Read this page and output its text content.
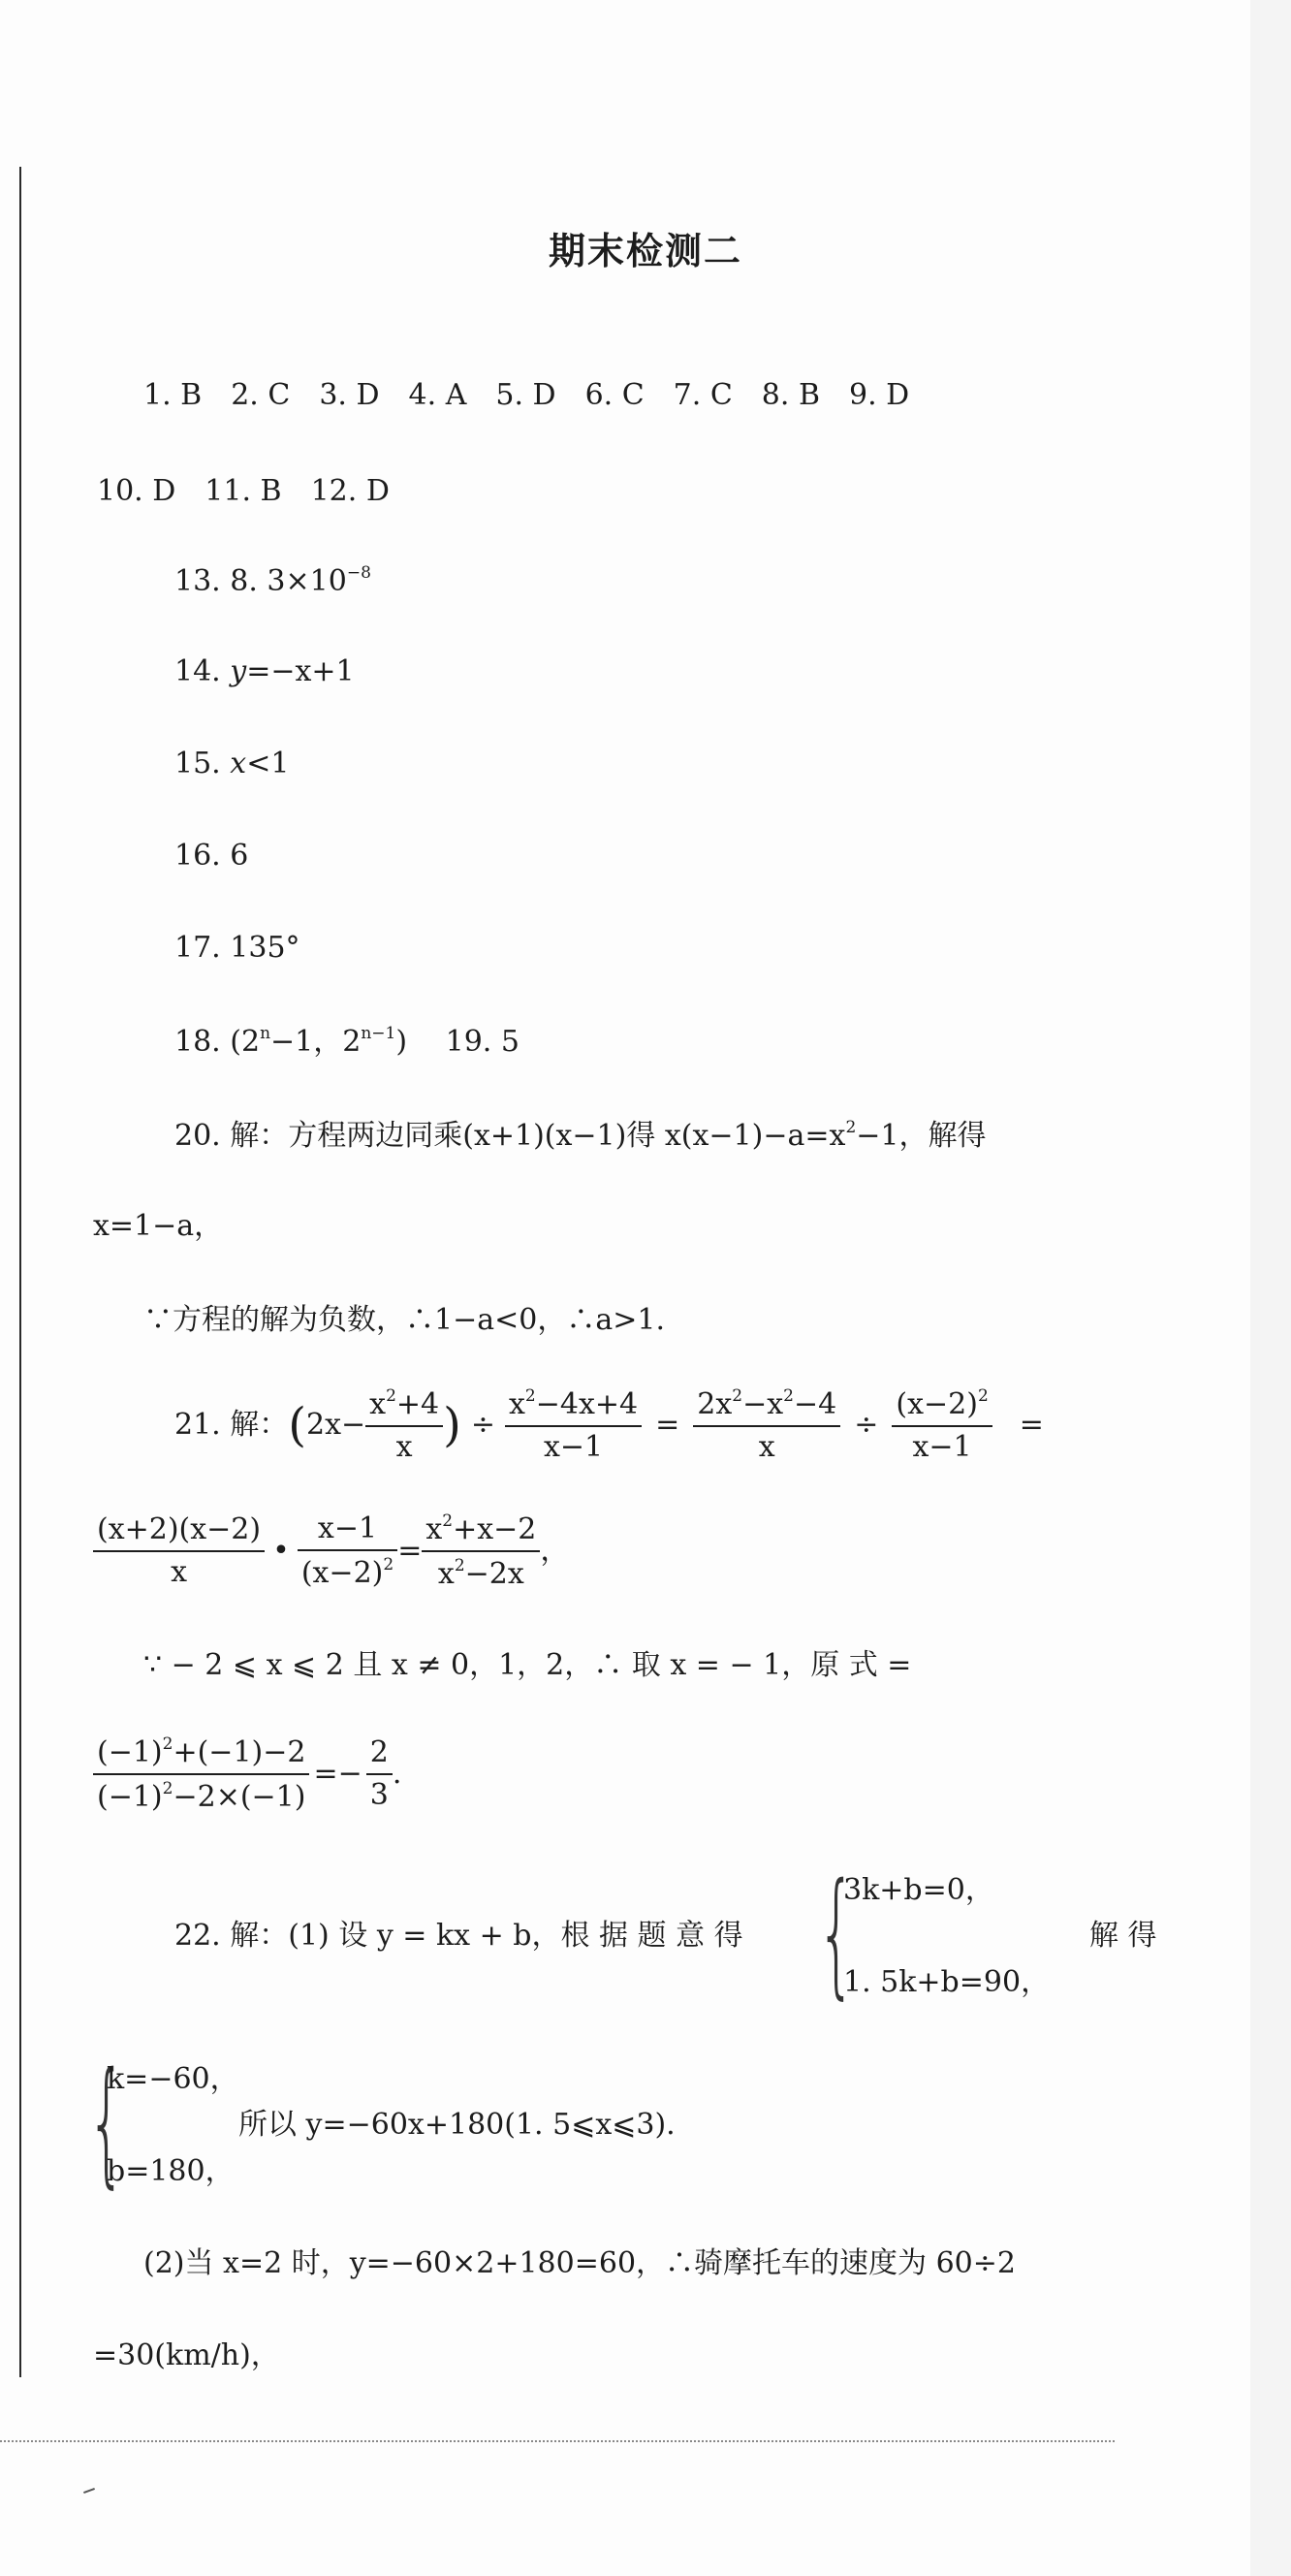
期末检测二
1. B　2. C　3. D　4. A　5. D　6. C　7. C　8. B　9. D
10. D　11. B　12. D
13. 8. $3\times 10^{-8}$
14. y=−x+1
15. x<1
16. 6
17. 135°
18. ($2^n-1$，$2^{n-1}$) 19. 5
20. 解：方程两边同乘(x+1)(x−1)得 $x(x-1)-a=x^2-1$，解得
x=1−a，
∵方程的解为负数，∴1−a<0，∴a>1.
21. 解： ( $2x- \frac{x^2+4}{x}$ ) ÷ $\frac{x^2-4x+4}{x-1} = \frac{2x^2-x^2-4}{x} \div \frac{(x-2)^2}{x-1}$ =
$\frac{(x+2)(x-2)}{x}$ • $\frac{x-1}{(x-2)^2} = \frac{x^2+x-2}{x^2-2x}$ ，
∵ − 2 ⩽ x ⩽ 2 且 x ≠ 0，1，2，∴ 取 x = − 1，原 式 =
$\frac{(-1)^2+(-1)-2}{(-1)^2-2\times(-1)} =- \frac{2}{3}$ .
22. 解：(1) 设 y = kx + b，根 据 题 意 得 {
3k+b=0，
1. 5k+b=90，
解 得
{
k=−60，
b=180，
所以 y=−60x+180(1. 5⩽x⩽3).
(2)当 x=2 时，y=−60×2+180=60，∴骑摩托车的速度为 60÷2
=30(km/h)，
